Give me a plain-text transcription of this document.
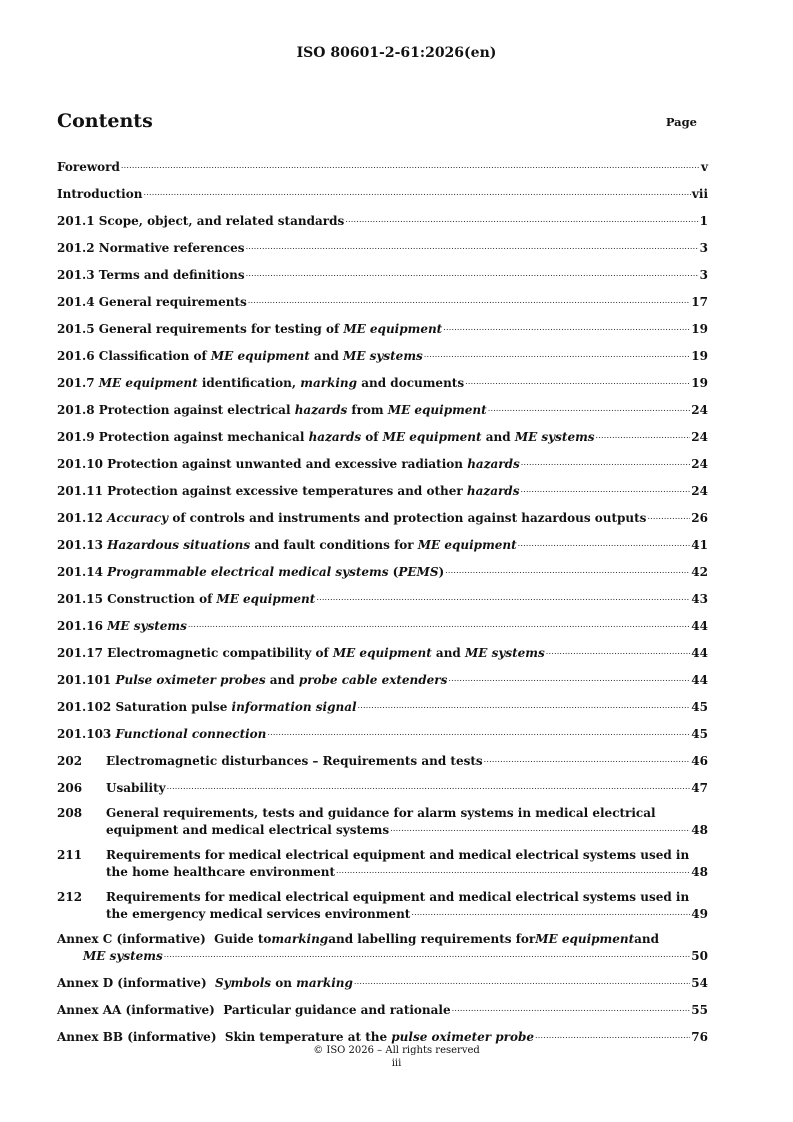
ISO 80601-2-61:2026(en)
Contents	Page
Foreword .....	v
Introduction .....	vii
201.1 Scope, object, and related standards .....	1
201.2 Normative references .....	3
201.3 Terms and definitions .....	3
201.4 General requirements .....	17
201.5 General requirements for testing of ME equipment .....	19
201.6 Classification of ME equipment and ME systems .....	19
201.7 ME equipment identification, marking and documents .....	19
201.8 Protection against electrical hazards from ME equipment .....	24
201.9 Protection against mechanical hazards of ME equipment and ME systems .....	24
201.10 Protection against unwanted and excessive radiation hazards .....	24
201.11 Protection against excessive temperatures and other hazards .....	24
201.12 Accuracy of controls and instruments and protection against hazardous outputs .....	26
201.13 Hazardous situations and fault conditions for ME equipment .....	41
201.14 Programmable electrical medical systems (PEMS) .....	42
201.15 Construction of ME equipment .....	43
201.16 ME systems .....	44
201.17 Electromagnetic compatibility of ME equipment and ME systems .....	44
201.101 Pulse oximeter probes and probe cable extenders .....	44
201.102 Saturation pulse information signal .....	45
201.103 Functional connection .....	45
202	Electromagnetic disturbances – Requirements and tests .....	46
206	Usability .....	47
208	General requirements, tests and guidance for alarm systems in medical electrical
equipment and medical electrical systems .....	48
211	Requirements for medical electrical equipment and medical electrical systems used in
the home healthcare environment .....	48
212	Requirements for medical electrical equipment and medical electrical systems used in
the emergency medical services environment .....	49
Annex C (informative)
Guide to marking and labelling requirements for ME equipment and
ME systems .....	50
Annex D (informative) Symbols on marking .....	54
Annex AA (informative) Particular guidance and rationale .....	55
Annex BB (informative) Skin temperature at the pulse oximeter probe .....	76
© ISO 2026 – All rights reserved
iii
